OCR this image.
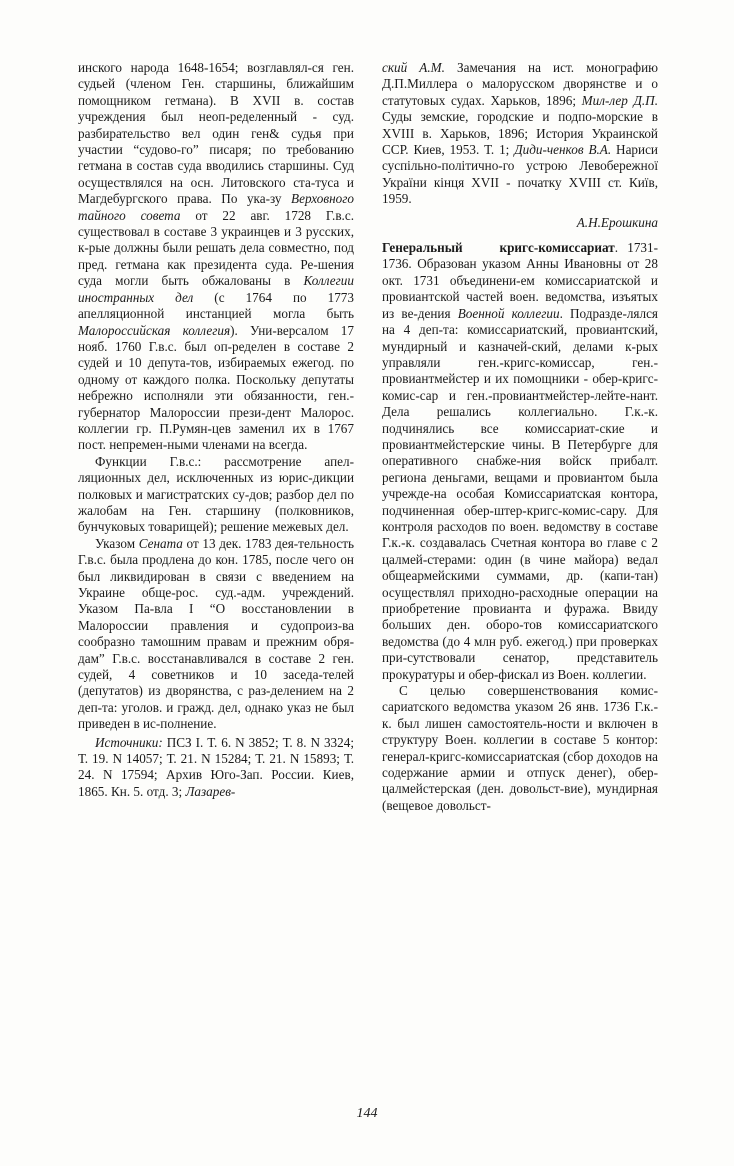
инского народа 1648-1654; возглавлял-ся ген. судьей (членом Ген. старшины, ближайшим помощником гетмана). В XVII в. состав учреждения был неоп-ределенный - суд. разбирательство вел один ген& судья при участии “судово-го” писаря; по требованию гетмана в состав суда вводились старшины. Суд осуществлялся на осн. Литовского ста-туса и Магдебургского права. По ука-зу Верховного тайного совета от 22 авг. 1728 Г.в.с. существовал в составе 3 украинцев и 3 русских, к-рые должны были решать дела совместно, под пред. гетмана как президента суда. Ре-шения суда могли быть обжалованы в Коллегии иностранных дел (с 1764 по 1773 апелляционной инстанцией могла быть Малороссийская коллегия). Уни-версалом 17 нояб. 1760 Г.в.с. был оп-ределен в составе 2 судей и 10 депута-тов, избираемых ежегод. по одному от каждого полка. Поскольку депутаты небрежно исполняли эти обязанности, ген.-губернатор Малороссии прези-дент Малорос. коллегии гр. П.Румян-цев заменил их в 1767 пост. непремен-ными членами на всегда.

Функции Г.в.с.: рассмотрение апел-ляционных дел, исключенных из юрис-дикции полковых и магистратских су-дов; разбор дел по жалобам на Ген. старшину (полковников, бунчуковых товарищей); решение межевых дел.

Указом Сената от 13 дек. 1783 дея-тельность Г.в.с. была продлена до кон. 1785, после чего он был ликвидирован в связи с введением на Украине обще-рос. суд.-адм. учреждений. Указом Па-вла I “О восстановлении в Малороссии правления и судопроиз-ва сообразно тамошним правам и прежним обря-дам” Г.в.с. восстанавливался в составе 2 ген. судей, 4 советников и 10 заседа-телей (депутатов) из дворянства, с раз-делением на 2 деп-та: уголов. и гражд. дел, однако указ не был приведен в ис-полнение.

Источники: ПСЗ I. Т. 6. N 3852; Т. 8. N 3324; Т. 19. N 14057; Т. 21. N 15284; Т. 21. N 15893; Т. 24. N 17594; Архив Юго-Зап. России. Киев, 1865. Кн. 5. отд. 3; Лазарев-

ский А.М. Замечания на ист. монографию Д.П.Миллера о малорусском дворянстве и о статутовых судах. Харьков, 1896; Мил-лер Д.П. Суды земские, городские и подпо-морские в XVIII в. Харьков, 1896; История Украинской ССР. Киев, 1953. Т. 1; Диди-ченков В.А. Нариси суспільно-політично-го устрою Левобережної України кінця XVII - початку XVIII ст. Київ, 1959.

А.Н.Ерошкина

Генеральный	кригс-комиссариат. 1731-1736. Образован указом Анны Ивановны от 28 окт. 1731 объединени-ем комиссариатской и провиантской частей воен. ведомства, изъятых из ве-дения Военной коллегии. Подразде-лялся на 4 деп-та: комиссариатский, провиантский, мундирный и казначей-ский, делами к-рых управляли ген.-кригс-комиссар, ген.-провиантмейстер и их помощники - обер-кригс-комис-сар и ген.-провиантмейстер-лейте-нант. Дела решались коллегиально. Г.к.-к. подчинялись все комиссариат-ские и провиантмейстерские чины. В Петербурге для оперативного снабже-ния войск прибалт. региона деньгами, вещами и провиантом была учрежде-на особая Комиссариатская контора, подчиненная обер-штер-кригс-комис-сару. Для контроля расходов по воен. ведомству в составе Г.к.-к. создавалась Счетная контора во главе с 2 цалмей-стерами: один (в чине майора) ведал общеармейскими суммами, др. (капи-тан) осуществлял приходно-расходные операции на приобретение провианта и фуража. Ввиду больших ден. оборо-тов комиссариатского ведомства (до 4 млн руб. ежегод.) при проверках при-сутствовали сенатор, представитель прокуратуры и обер-фискал из Воен. коллегии.

С целью совершенствования комис-сариатского ведомства указом 26 янв. 1736 Г.к.-к. был лишен самостоятель-ности и включен в структуру Воен. коллегии в составе 5 контор: генерал-кригс-комиссариатская (сбор доходов на содержание армии и отпуск денег), обер-цалмейстерская (ден. довольст-вие), мундирная (вещевое довольст-

144
